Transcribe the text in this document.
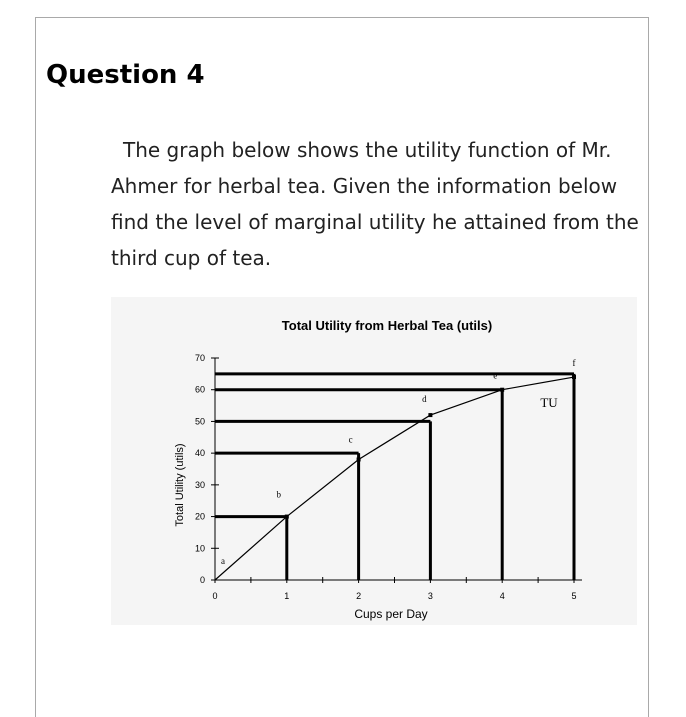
Question 4

The graph below shows the utility function of Mr.
Ahmer for herbal tea. Given the information below
find the level of marginal utility he attained from the
third cup of tea.

Total Utility from Herbal Tea (utils)
Cups per Day
Total Utility (utils)
TU
0
10
20
30
40
50
60
70
0	1	2	3	4	5
a
b
c
d
e
f
